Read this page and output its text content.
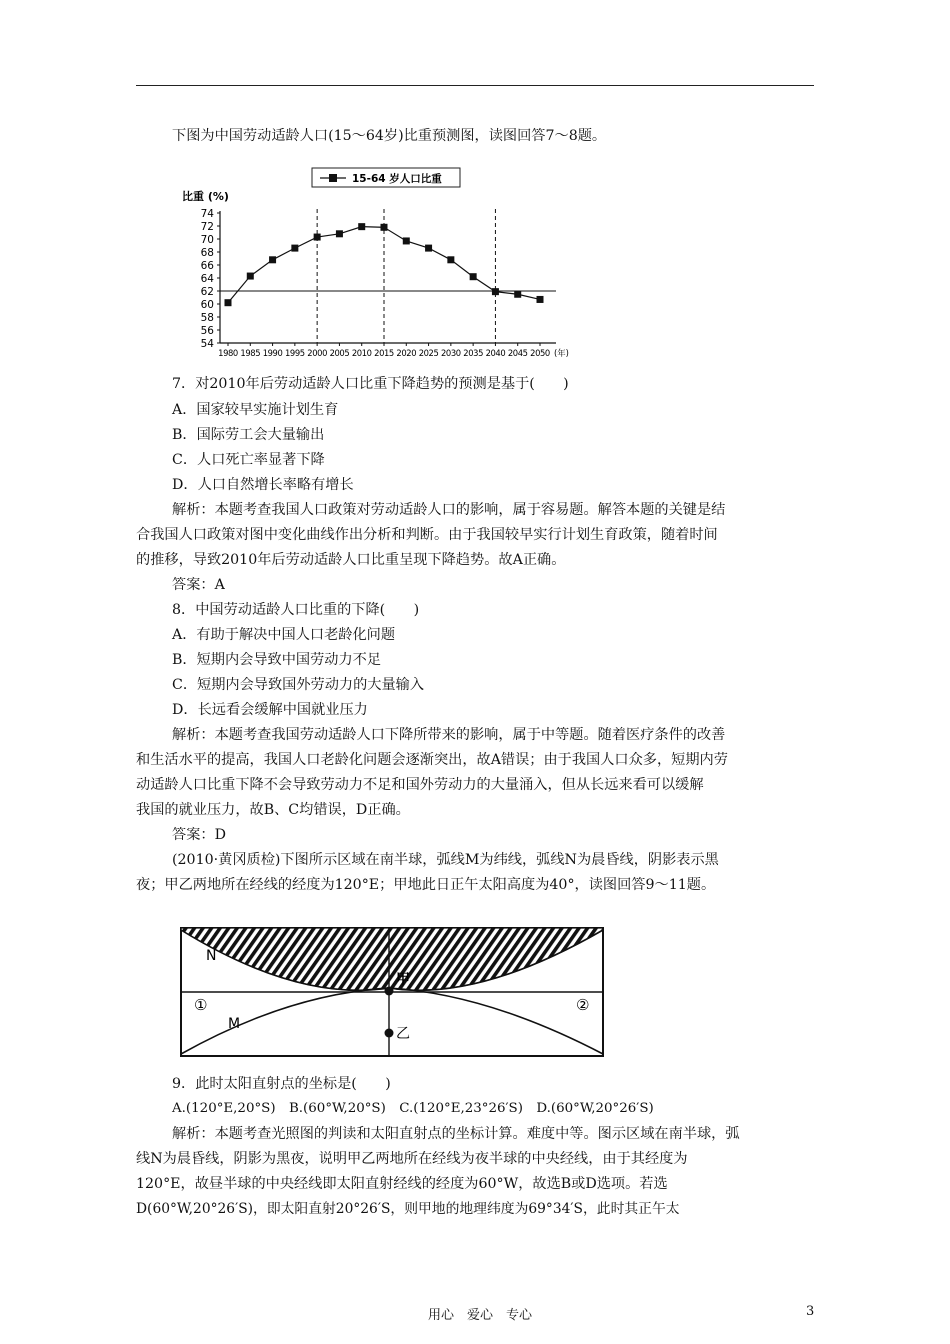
下图为中国劳动适龄人口(15～64岁)比重预测图，读图回答7～8题。
15-64 岁人口比重
比重 (%)
74
72
70
68
66
64
62
60
58
56
54
1980 1985 1990 1995 2000 2005 2010 2015 2020 2025 2030 2035 2040 2045 2050 (年)
7．对2010年后劳动适龄人口比重下降趋势的预测是基于(　　)
A．国家较早实施计划生育
B．国际劳工会大量输出
C．人口死亡率显著下降
D．人口自然增长率略有增长
解析：本题考查我国人口政策对劳动适龄人口的影响，属于容易题。解答本题的关键是结
合我国人口政策对图中变化曲线作出分析和判断。由于我国较早实行计划生育政策，随着时间
的推移，导致2010年后劳动适龄人口比重呈现下降趋势。故A正确。
答案：A
8．中国劳动适龄人口比重的下降(　　)
A．有助于解决中国人口老龄化问题
B．短期内会导致中国劳动力不足
C．短期内会导致国外劳动力的大量输入
D．长远看会缓解中国就业压力
解析：本题考查我国劳动适龄人口下降所带来的影响，属于中等题。随着医疗条件的改善
和生活水平的提高，我国人口老龄化问题会逐渐突出，故A错误；由于我国人口众多，短期内劳
动适龄人口比重下降不会导致劳动力不足和国外劳动力的大量涌入，但从长远来看可以缓解
我国的就业压力，故B、C均错误，D正确。
答案：D
(2010·黄冈质检)下图所示区域在南半球，弧线M为纬线，弧线N为晨昏线，阴影表示黑
夜；甲乙两地所在经线的经度为120°E；甲地此日正午太阳高度为40°，读图回答9～11题。
N
M
甲
乙
①	②
9．此时太阳直射点的坐标是(　　)
A.(120°E,20°S)　B.(60°W,20°S)　C.(120°E,23°26′S)　D.(60°W,20°26′S)
解析：本题考查光照图的判读和太阳直射点的坐标计算。难度中等。图示区域在南半球，弧
线N为晨昏线，阴影为黑夜，说明甲乙两地所在经线为夜半球的中央经线，由于其经度为
120°E，故昼半球的中央经线即太阳直射经线的经度为60°W，故选B或D选项。若选
D(60°W,20°26′S)，即太阳直射20°26′S，则甲地的地理纬度为69°34′S，此时其正午太
用心　爱心　专心	3
